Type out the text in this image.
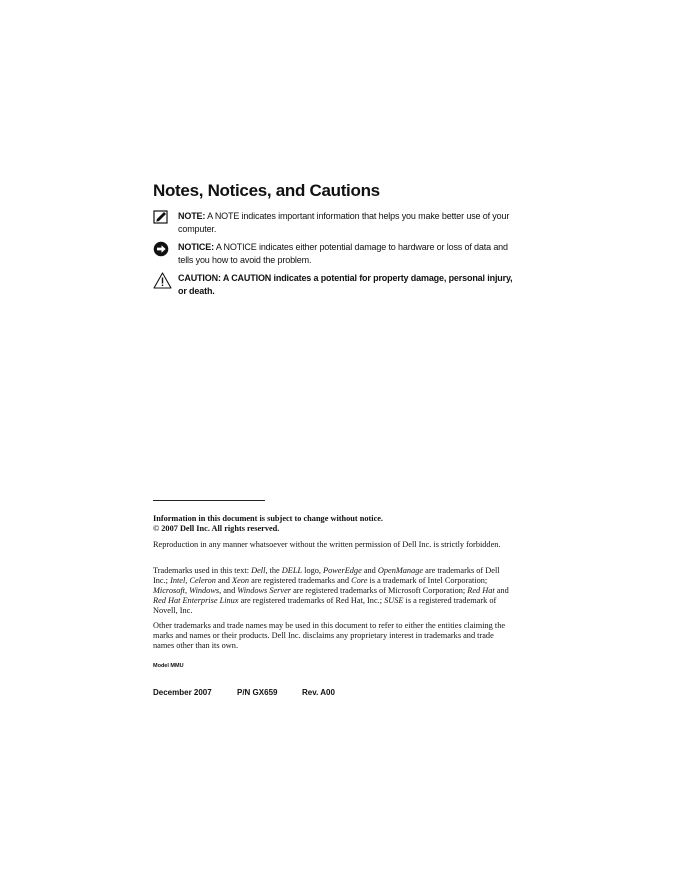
Notes, Notices, and Cautions
NOTE: A NOTE indicates important information that helps you make better use of your computer.
NOTICE: A NOTICE indicates either potential damage to hardware or loss of data and tells you how to avoid the problem.
CAUTION: A CAUTION indicates a potential for property damage, personal injury, or death.

Information in this document is subject to change without notice.
© 2007 Dell Inc. All rights reserved.

Reproduction in any manner whatsoever without the written permission of Dell Inc. is strictly forbidden.

Trademarks used in this text: Dell, the DELL logo, PowerEdge and OpenManage are trademarks of Dell Inc.; Intel, Celeron and Xeon are registered trademarks and Core is a trademark of Intel Corporation; Microsoft, Windows, and Windows Server are registered trademarks of Microsoft Corporation; Red Hat and Red Hat Enterprise Linux are registered trademarks of Red Hat, Inc.; SUSE is a registered trademark of Novell, Inc.

Other trademarks and trade names may be used in this document to refer to either the entities claiming the marks and names or their products. Dell Inc. disclaims any proprietary interest in trademarks and trade names other than its own.

Model MMU
December 2007	P/N GX659	Rev. A00
